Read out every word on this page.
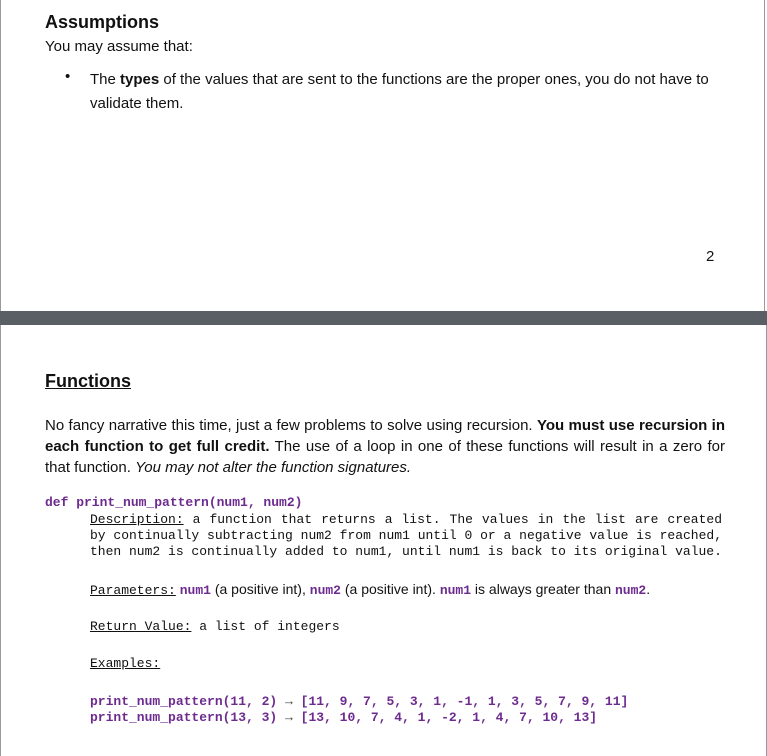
Assumptions

You may assume that:

• The types of the values that are sent to the functions are the proper ones, you do not have to validate them.

2
Functions

No fancy narrative this time, just a few problems to solve using recursion. You must use recursion in each function to get full credit. The use of a loop in one of these functions will result in a zero for that function. You may not alter the function signatures.

def print_num_pattern(num1, num2)

Description: a function that returns a list. The values in the list are created by continually subtracting num2 from num1 until 0 or a negative value is reached, then num2 is continually added to num1, until num1 is back to its original value.

Parameters: num1 (a positive int), num2 (a positive int). num1 is always greater than num2.

Return Value: a list of integers

Examples:

print_num_pattern(11, 2) → [11, 9, 7, 5, 3, 1, -1, 1, 3, 5, 7, 9, 11]

print_num_pattern(13, 3) → [13, 10, 7, 4, 1, -2, 1, 4, 7, 10, 13]
